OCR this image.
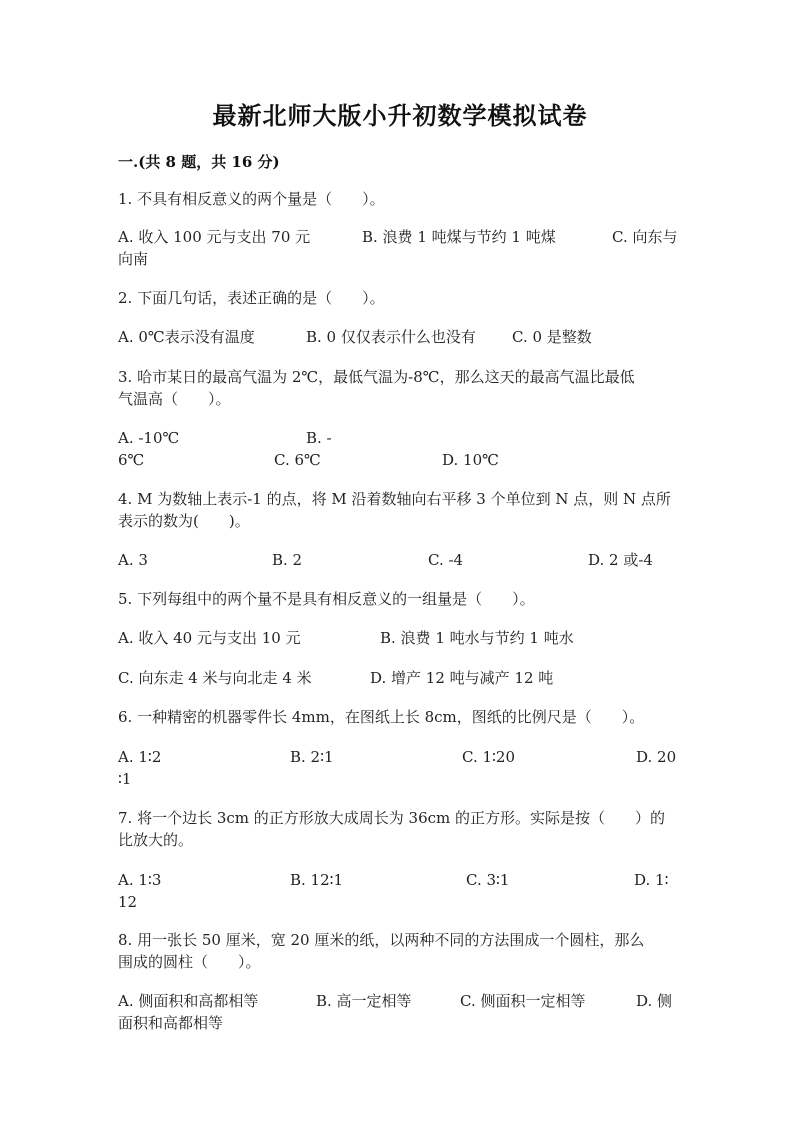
最新北师大版小升初数学模拟试卷
一.(共 8 题，共 16 分)
1. 不具有相反意义的两个量是（　　）。
A. 收入 100 元与支出 70 元	B. 浪费 1 吨煤与节约 1 吨煤	C. 向东与
向南
2. 下面几句话，表述正确的是（　　）。
A. 0℃表示没有温度	B. 0 仅仅表示什么也没有 C. 0 是整数
3. 哈市某日的最高气温为 2℃，最低气温为-8℃，那么这天的最高气温比最低
气温高（　　）。
A. -10℃	B. -
6℃	C. 6℃	D. 10℃
4. M 为数轴上表示-1 的点，将 M 沿着数轴向右平移 3 个单位到 N 点，则 N 点所
表示的数为(　　)。
A. 3	B. 2	C. -4	D. 2 或-4
5. 下列每组中的两个量不是具有相反意义的一组量是（　　）。
A. 收入 40 元与支出 10 元	B. 浪费 1 吨水与节约 1 吨水
C. 向东走 4 米与向北走 4 米	D. 增产 12 吨与减产 12 吨
6. 一种精密的机器零件长 4mm，在图纸上长 8cm，图纸的比例尺是（　　）。
A. 1∶2	B. 2∶1	C. 1∶20	D. 20
∶1
7. 将一个边长 3cm 的正方形放大成周长为 36cm 的正方形。实际是按（　　）的
比放大的。
A. 1∶3	B. 12∶1	C. 3∶1	D. 1∶
12
8. 用一张长 50 厘米，宽 20 厘米的纸，以两种不同的方法围成一个圆柱，那么
围成的圆柱（　　）。
A. 侧面积和高都相等	B. 高一定相等	C. 侧面积一定相等	D. 侧
面积和高都相等
